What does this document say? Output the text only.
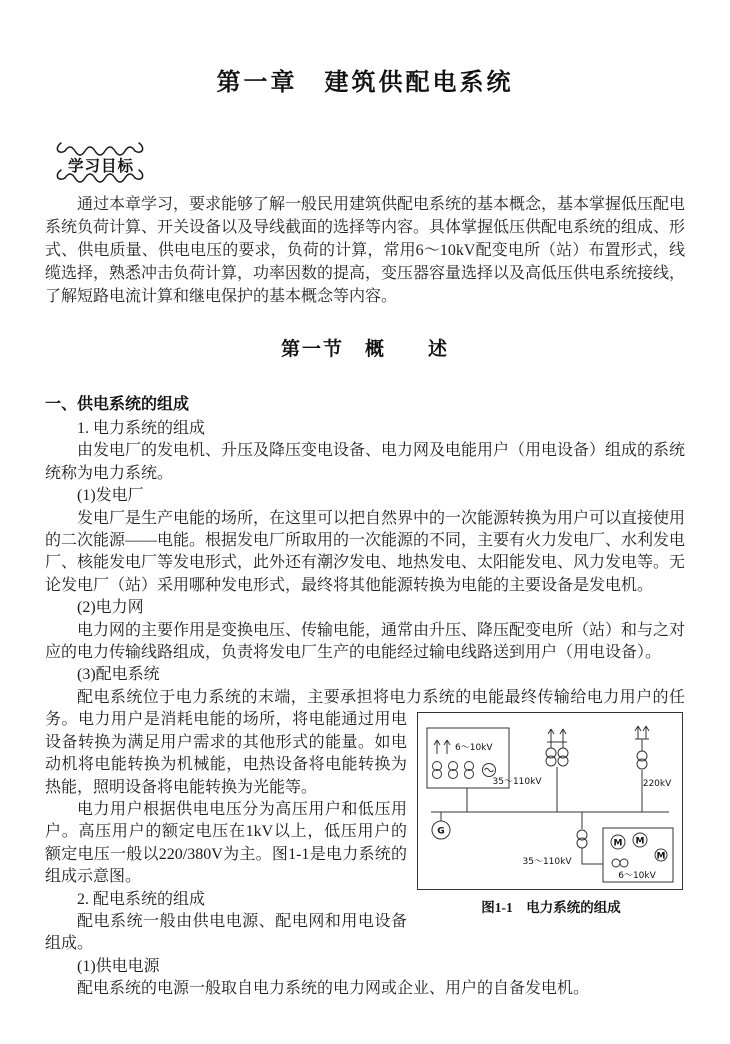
第一章　建筑供配电系统
学习目标

通过本章学习，要求能够了解一般民用建筑供配电系统的基本概念，基本掌握低压配电系统负荷计算、开关设备以及导线截面的选择等内容。具体掌握低压供配电系统的组成、形式、供电质量、供电电压的要求，负荷的计算，常用6～10kV配变电所（站）布置形式，线缆选择，熟悉冲击负荷计算，功率因数的提高，变压器容量选择以及高低压供电系统接线，了解短路电流计算和继电保护的基本概念等内容。

第一节　概　　述
一、供电系统的组成

1. 电力系统的组成

由发电厂的发电机、升压及降压变电设备、电力网及电能用户（用电设备）组成的系统统称为电力系统。

(1)发电厂

发电厂是生产电能的场所，在这里可以把自然界中的一次能源转换为用户可以直接使用的二次能源——电能。根据发电厂所取用的一次能源的不同，主要有火力发电厂、水利发电厂、核能发电厂等发电形式，此外还有潮汐发电、地热发电、太阳能发电、风力发电等。无论发电厂（站）采用哪种发电形式，最终将其他能源转换为电能的主要设备是发电机。

(2)电力网

电力网的主要作用是变换电压、传输电能，通常由升压、降压配变电所（站）和与之对应的电力传输线路组成，负责将发电厂生产的电能经过输电线路送到用户（用电设备）。

(3)配电系统

配电系统位于电力系统的末端，主要承担将电力系统的电能最终传输给电力用户的任务。
6～10kV
35～110kV	220kV
35～110kV
6～10kV
G
M M
M
图1-1　电力系统的组成
电力用户是消耗电能的场所，将电能通过用电设备转换为满足用户需求的其他形式的能量。如电动机将电能转换为机械能，电热设备将电能转换为热能，照明设备将电能转换为光能等。

电力用户根据供电电压分为高压用户和低压用户。高压用户的额定电压在1kV以上，低压用户的额定电压一般以220/380V为主。图1-1是电力系统的组成示意图。

2. 配电系统的组成

配电系统一般由供电电源、配电网和用电设备组成。

(1)供电电源

配电系统的电源一般取自电力系统的电力网或企业、用户的自备发电机。
